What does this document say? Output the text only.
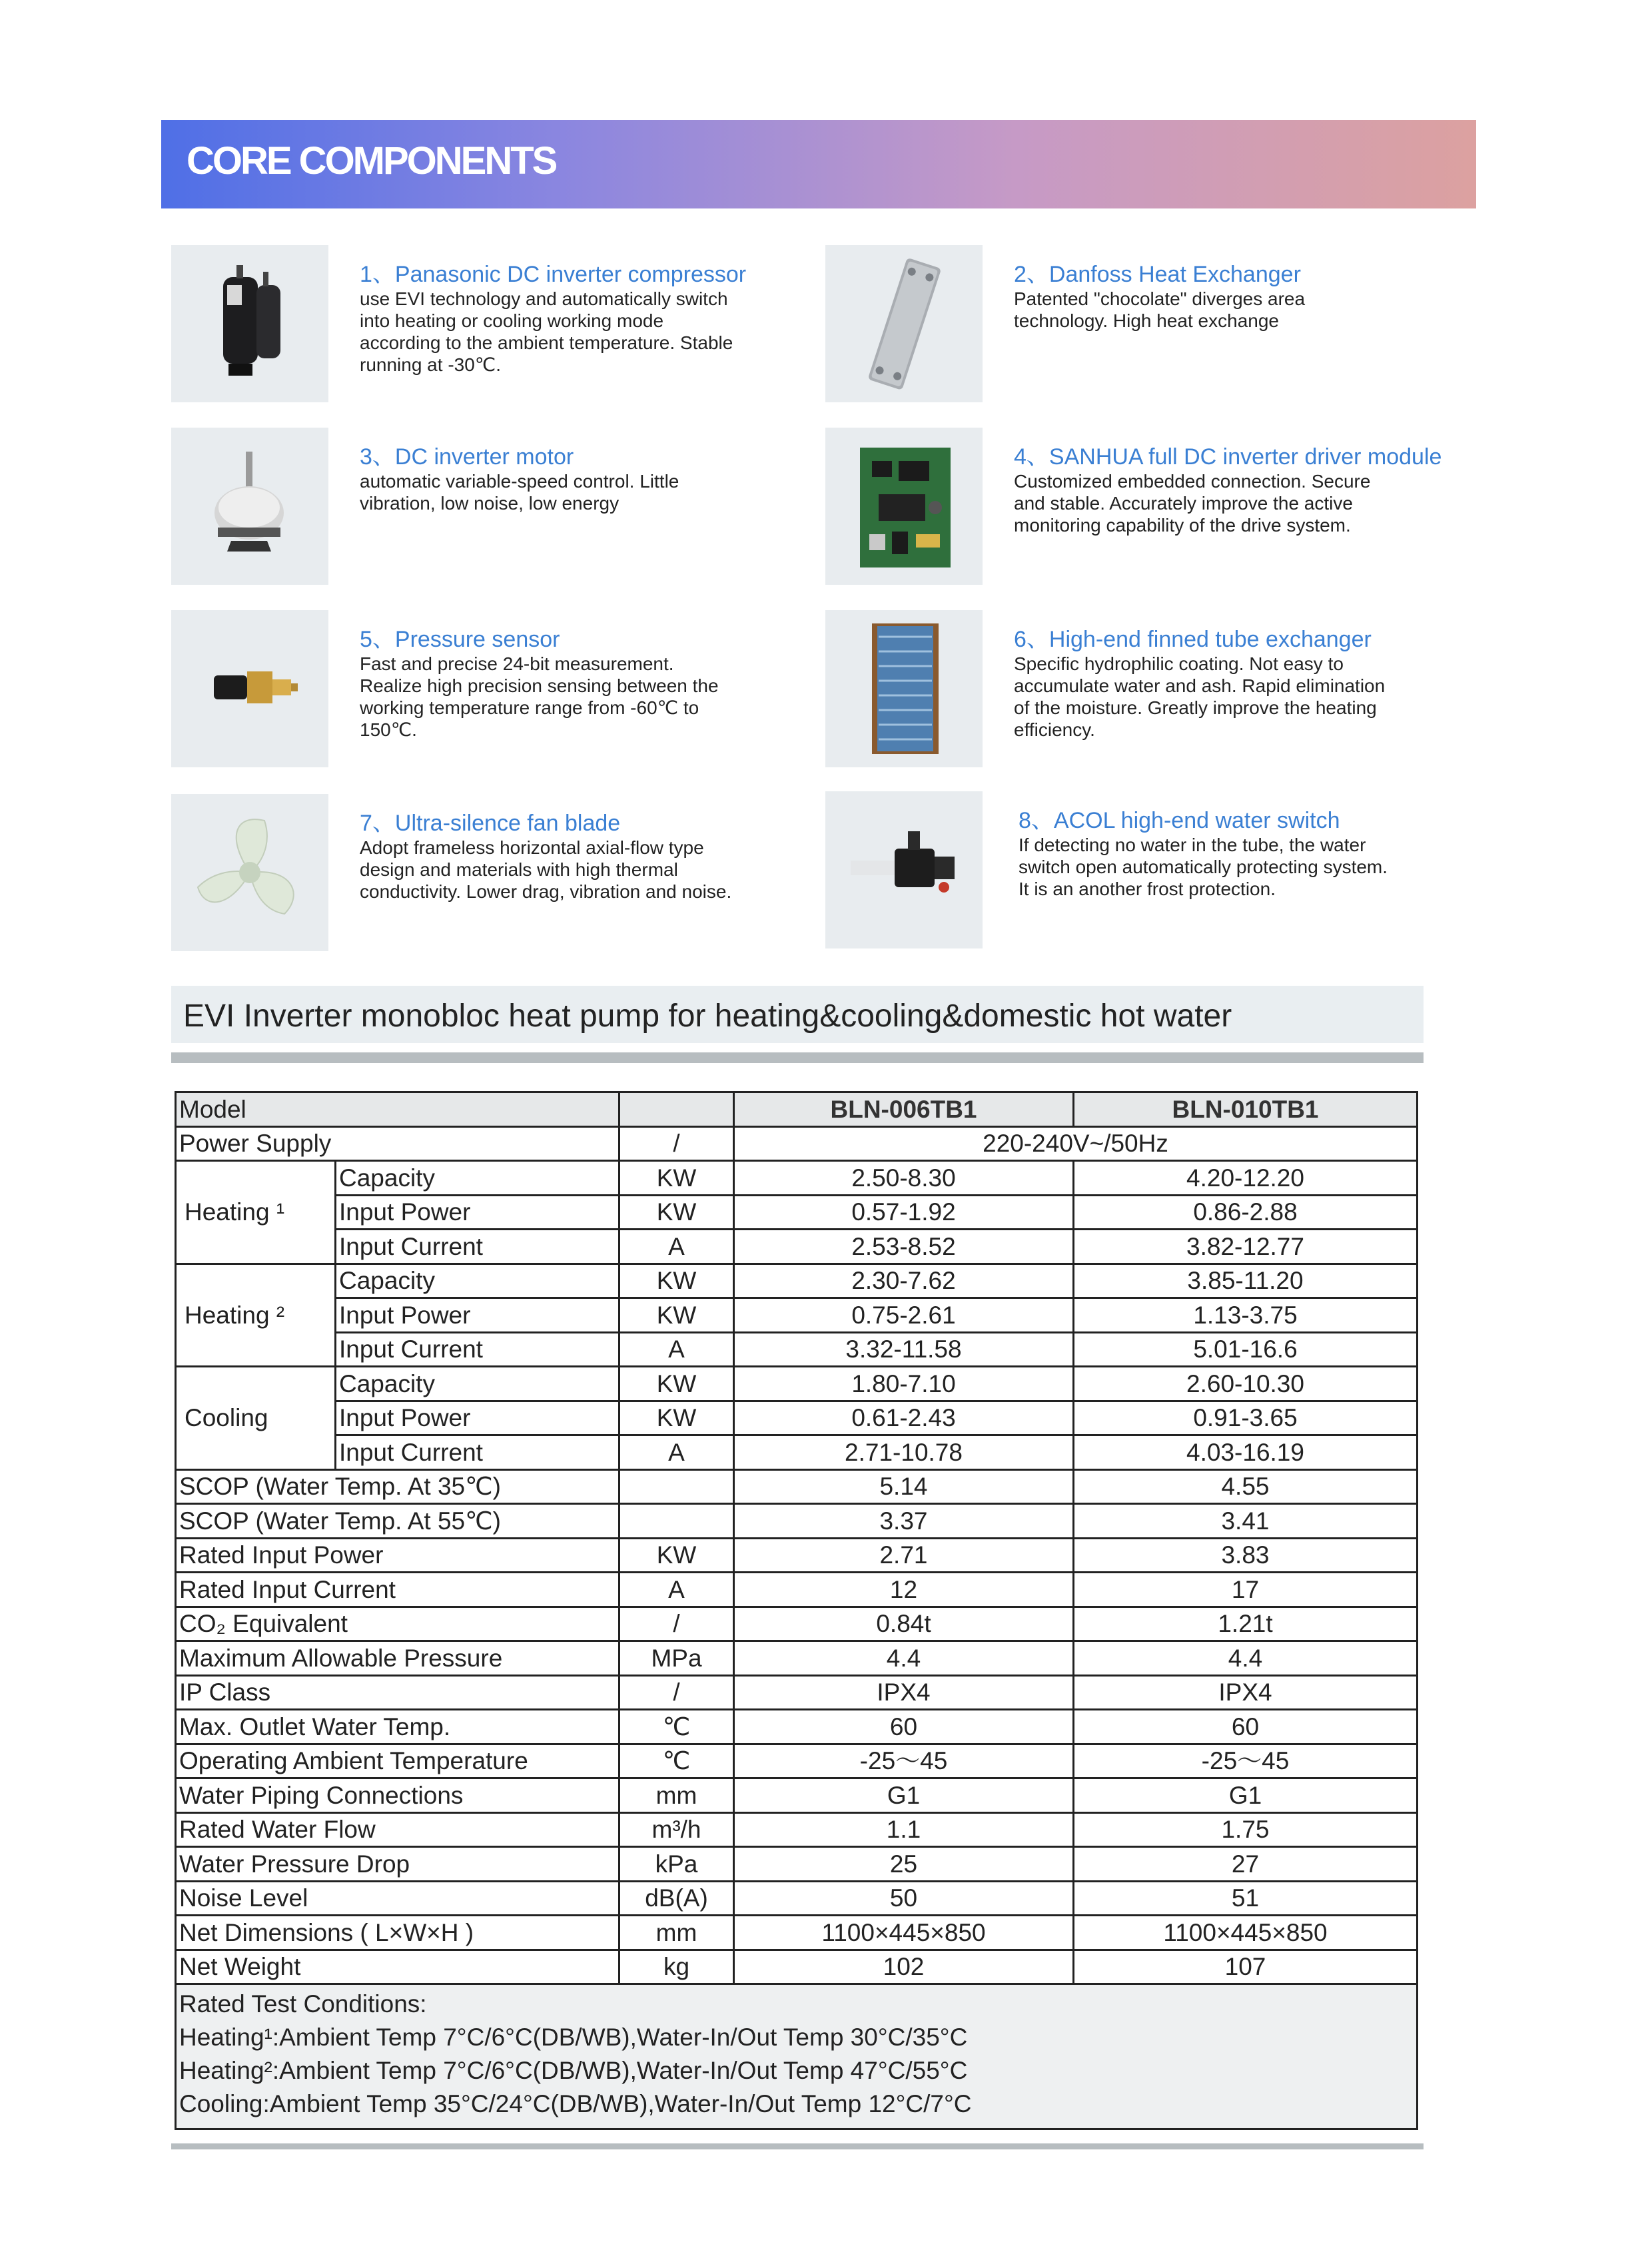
CORE COMPONENTS
1、Panasonic DC inverter compressor
use EVI technology and automatically switch into heating or cooling working mode according to the ambient temperature. Stable running at -30℃.
2、Danfoss Heat Exchanger
Patented "chocolate" diverges area technology. High heat exchange
3、DC inverter motor
automatic variable-speed control. Little vibration, low noise, low energy
4、SANHUA full DC inverter driver module
Customized embedded connection. Secure and stable. Accurately improve the active monitoring capability of the drive system.
5、Pressure sensor
Fast and precise 24-bit measurement. Realize high precision sensing between the working temperature range from -60℃ to 150℃.
6、High-end finned tube exchanger
Specific hydrophilic coating. Not easy to accumulate water and ash. Rapid elimination of the moisture. Greatly improve the heating efficiency.
7、Ultra-silence fan blade
Adopt frameless horizontal axial-flow type design and materials with high thermal conductivity. Lower drag, vibration and noise.
8、ACOL high-end water switch
If detecting no water in the tube, the water switch open automatically protecting system. It is an another frost protection.
EVI Inverter monobloc heat pump for heating&cooling&domestic hot water
Model			BLN-006TB1	BLN-010TB1
Power Supply		/	220-240V~/50Hz	
Heating ¹	Capacity	KW	2.50-8.30	4.20-12.20
	Input Power	KW	0.57-1.92	0.86-2.88
	Input Current	A	2.53-8.52	3.82-12.77
Heating ²	Capacity	KW	2.30-7.62	3.85-11.20
	Input Power	KW	0.75-2.61	1.13-3.75
	Input Current	A	3.32-11.58	5.01-16.6
Cooling	Capacity	KW	1.80-7.10	2.60-10.30
	Input Power	KW	0.61-2.43	0.91-3.65
	Input Current	A	2.71-10.78	4.03-16.19
SCOP (Water Temp. At 35℃)			5.14	4.55
SCOP (Water Temp. At 55℃)			3.37	3.41
Rated Input Power		KW	2.71	3.83
Rated Input Current		A	12	17
CO₂ Equivalent		/	0.84t	1.21t
Maximum Allowable Pressure		MPa	4.4	4.4
IP Class		/	IPX4	IPX4
Max. Outlet Water Temp.		℃	60	60
Operating Ambient Temperature		℃	-25～45	-25～45
Water Piping Connections		mm	G1	G1
Rated Water Flow		m³/h	1.1	1.75
Water Pressure Drop		kPa	25	27
Noise Level		dB(A)	50	51
Net Dimensions ( L×W×H )		mm	1100×445×850	1100×445×850
Net Weight		kg	102	107

Rated Test Conditions:
Heating¹:Ambient Temp 7°C/6°C(DB/WB),Water-In/Out Temp 30°C/35°C
Heating²:Ambient Temp 7°C/6°C(DB/WB),Water-In/Out Temp 47°C/55°C
Cooling:Ambient Temp 35°C/24°C(DB/WB),Water-In/Out Temp 12°C/7°C				
